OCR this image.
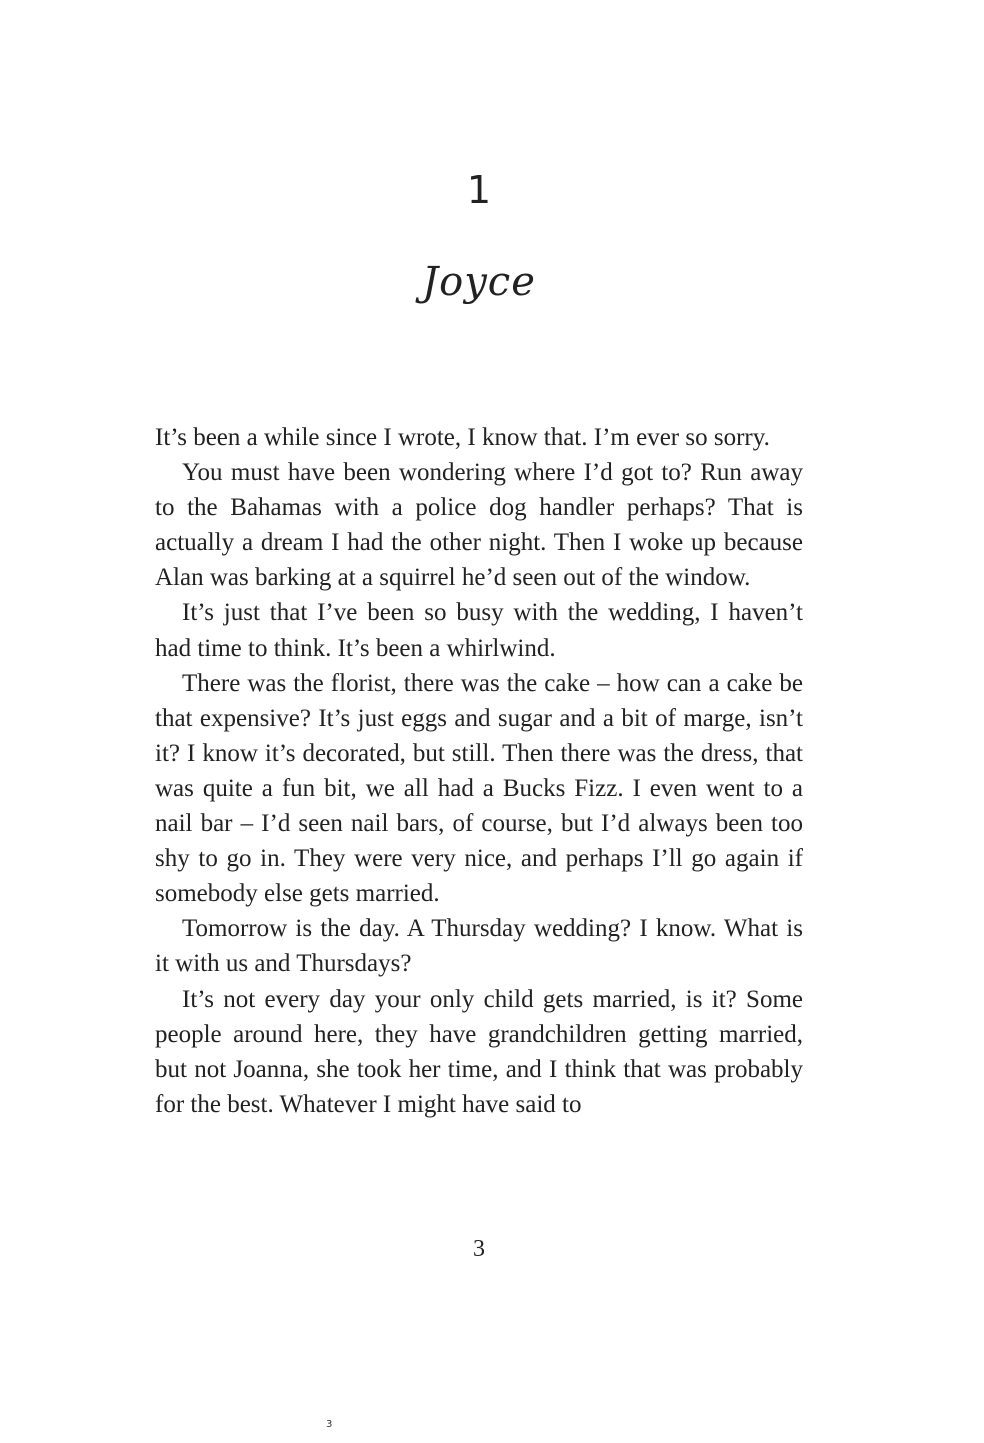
1
Joyce

It’s been a while since I wrote, I know that. I’m ever so sorry.

You must have been wondering where I’d got to? Run away to the Bahamas with a police dog handler perhaps? That is actually a dream I had the other night. Then I woke up because Alan was barking at a squirrel he’d seen out of the window.

It’s just that I’ve been so busy with the wedding, I haven’t had time to think. It’s been a whirlwind.

There was the florist, there was the cake – how can a cake be that expensive? It’s just eggs and sugar and a bit of marge, isn’t it? I know it’s decorated, but still. Then there was the dress, that was quite a fun bit, we all had a Bucks Fizz. I even went to a nail bar – I’d seen nail bars, of course, but I’d always been too shy to go in. They were very nice, and perhaps I’ll go again if somebody else gets married.

Tomorrow is the day. A Thursday wedding? I know. What is it with us and Thursdays?

It’s not every day your only child gets married, is it? Some people around here, they have grandchildren getting married, but not Joanna, she took her time, and I think that was probably for the best. Whatever I might have said to

3
3
